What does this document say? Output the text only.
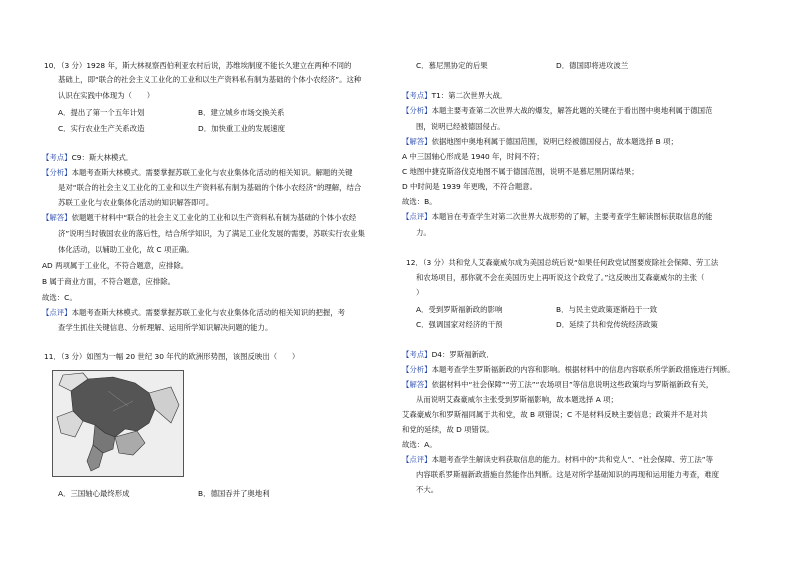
10．（3 分）1928 年，斯大林视察西伯利亚农村后说，苏维埃制度不能长久建立在两种不同的
基础上，即“联合的社会主义工业化的工业和以生产资料私有制为基础的个体小农经济”。这种
认识在实践中体现为（　　）
A．提出了第一个五年计划	B．建立城乡市场交换关系
C．实行农业生产关系改造	D．加快重工业的发展速度
【考点】C9：斯大林模式．
【分析】本题考查斯大林模式。需要掌握苏联工业化与农业集体化活动的相关知识。解题的关键
是对“联合的社会主义工业化的工业和以生产资料私有制为基础的个体小农经济”的理解，结合
苏联工业化与农业集体化活动的知识解答即可。
【解答】依题题干材料中“联合的社会主义工业化的工业和以生产资料私有制为基础的个体小农经
济”说明当时俄国农业的落后性，结合所学知识，为了满足工业化发展的需要，苏联实行农业集
体化活动，以辅助工业化，故 C 项正确。
AD 两项属于工业化，不符合题意，应排除。
B 属于商业方面，不符合题意，应排除。
故选：C。
【点评】本题考查斯大林模式。需要掌握苏联工业化与农业集体化活动的相关知识的把握，考
查学生抓住关键信息、分析理解、运用所学知识解决问题的能力。
11．（3 分）如图为一幅 20 世纪 30 年代的欧洲形势图，该图反映出（　　）
A．三国轴心最终形成	B．德国吞并了奥地利
C．慕尼黑协定的后果	D．德国即将进攻波兰
【考点】T1：第二次世界大战．
【分析】本题主要考查第二次世界大战的爆发，解答此题的关键在于看出图中奥地利属于德国范
围，说明已经被德国侵占。
【解答】依据地图中奥地利属于德国范围，说明已经被德国侵占，故本题选择 B 项；
A 中三国轴心形成是 1940 年，时间不符；
C 地图中捷克斯洛伐克地图不属于德国范围，说明不是慕尼黑阴谋结果；
D 中时间是 1939 年更晚，不符合题意。
故选：B。
【点评】本题旨在考查学生对第二次世界大战形势的了解，主要考查学生解读图标获取信息的能
力。
12．（3 分）共和党人艾森豪威尔成为美国总统后说“如果任何政党试图要废除社会保障、劳工法
和农场项目，那你就不会在美国历史上再听说这个政党了。”这反映出艾森豪威尔的主张（
）
A．受到罗斯福新政的影响	B．与民主党政策逐渐趋于一致
C．强调国家对经济的干预	D．延续了共和党传统经济政策
【考点】D4：罗斯福新政．
【分析】本题考查学生罗斯福新政的内容和影响。根据材料中的信息内容联系所学新政措施进行判断。
【解答】依据材料中“社会保障”“劳工法”“农场项目”等信息说明这些政策均与罗斯福新政有关，
从而说明艾森豪威尔主张受到罗斯福影响，故本题选择 A 项；
艾森豪威尔和罗斯福同属于共和党，故 B 项错误；C 不是材料反映主要信息；政策并不是对共
和党的延续，故 D 项错误。
故选：A。
【点评】本题考查学生解读史料获取信息的能力。材料中的“共和党人”、“社会保障、劳工法”等
内容联系罗斯福新政措施自然能作出判断。这是对所学基础知识的再现和运用能力考查，难度
不大。
